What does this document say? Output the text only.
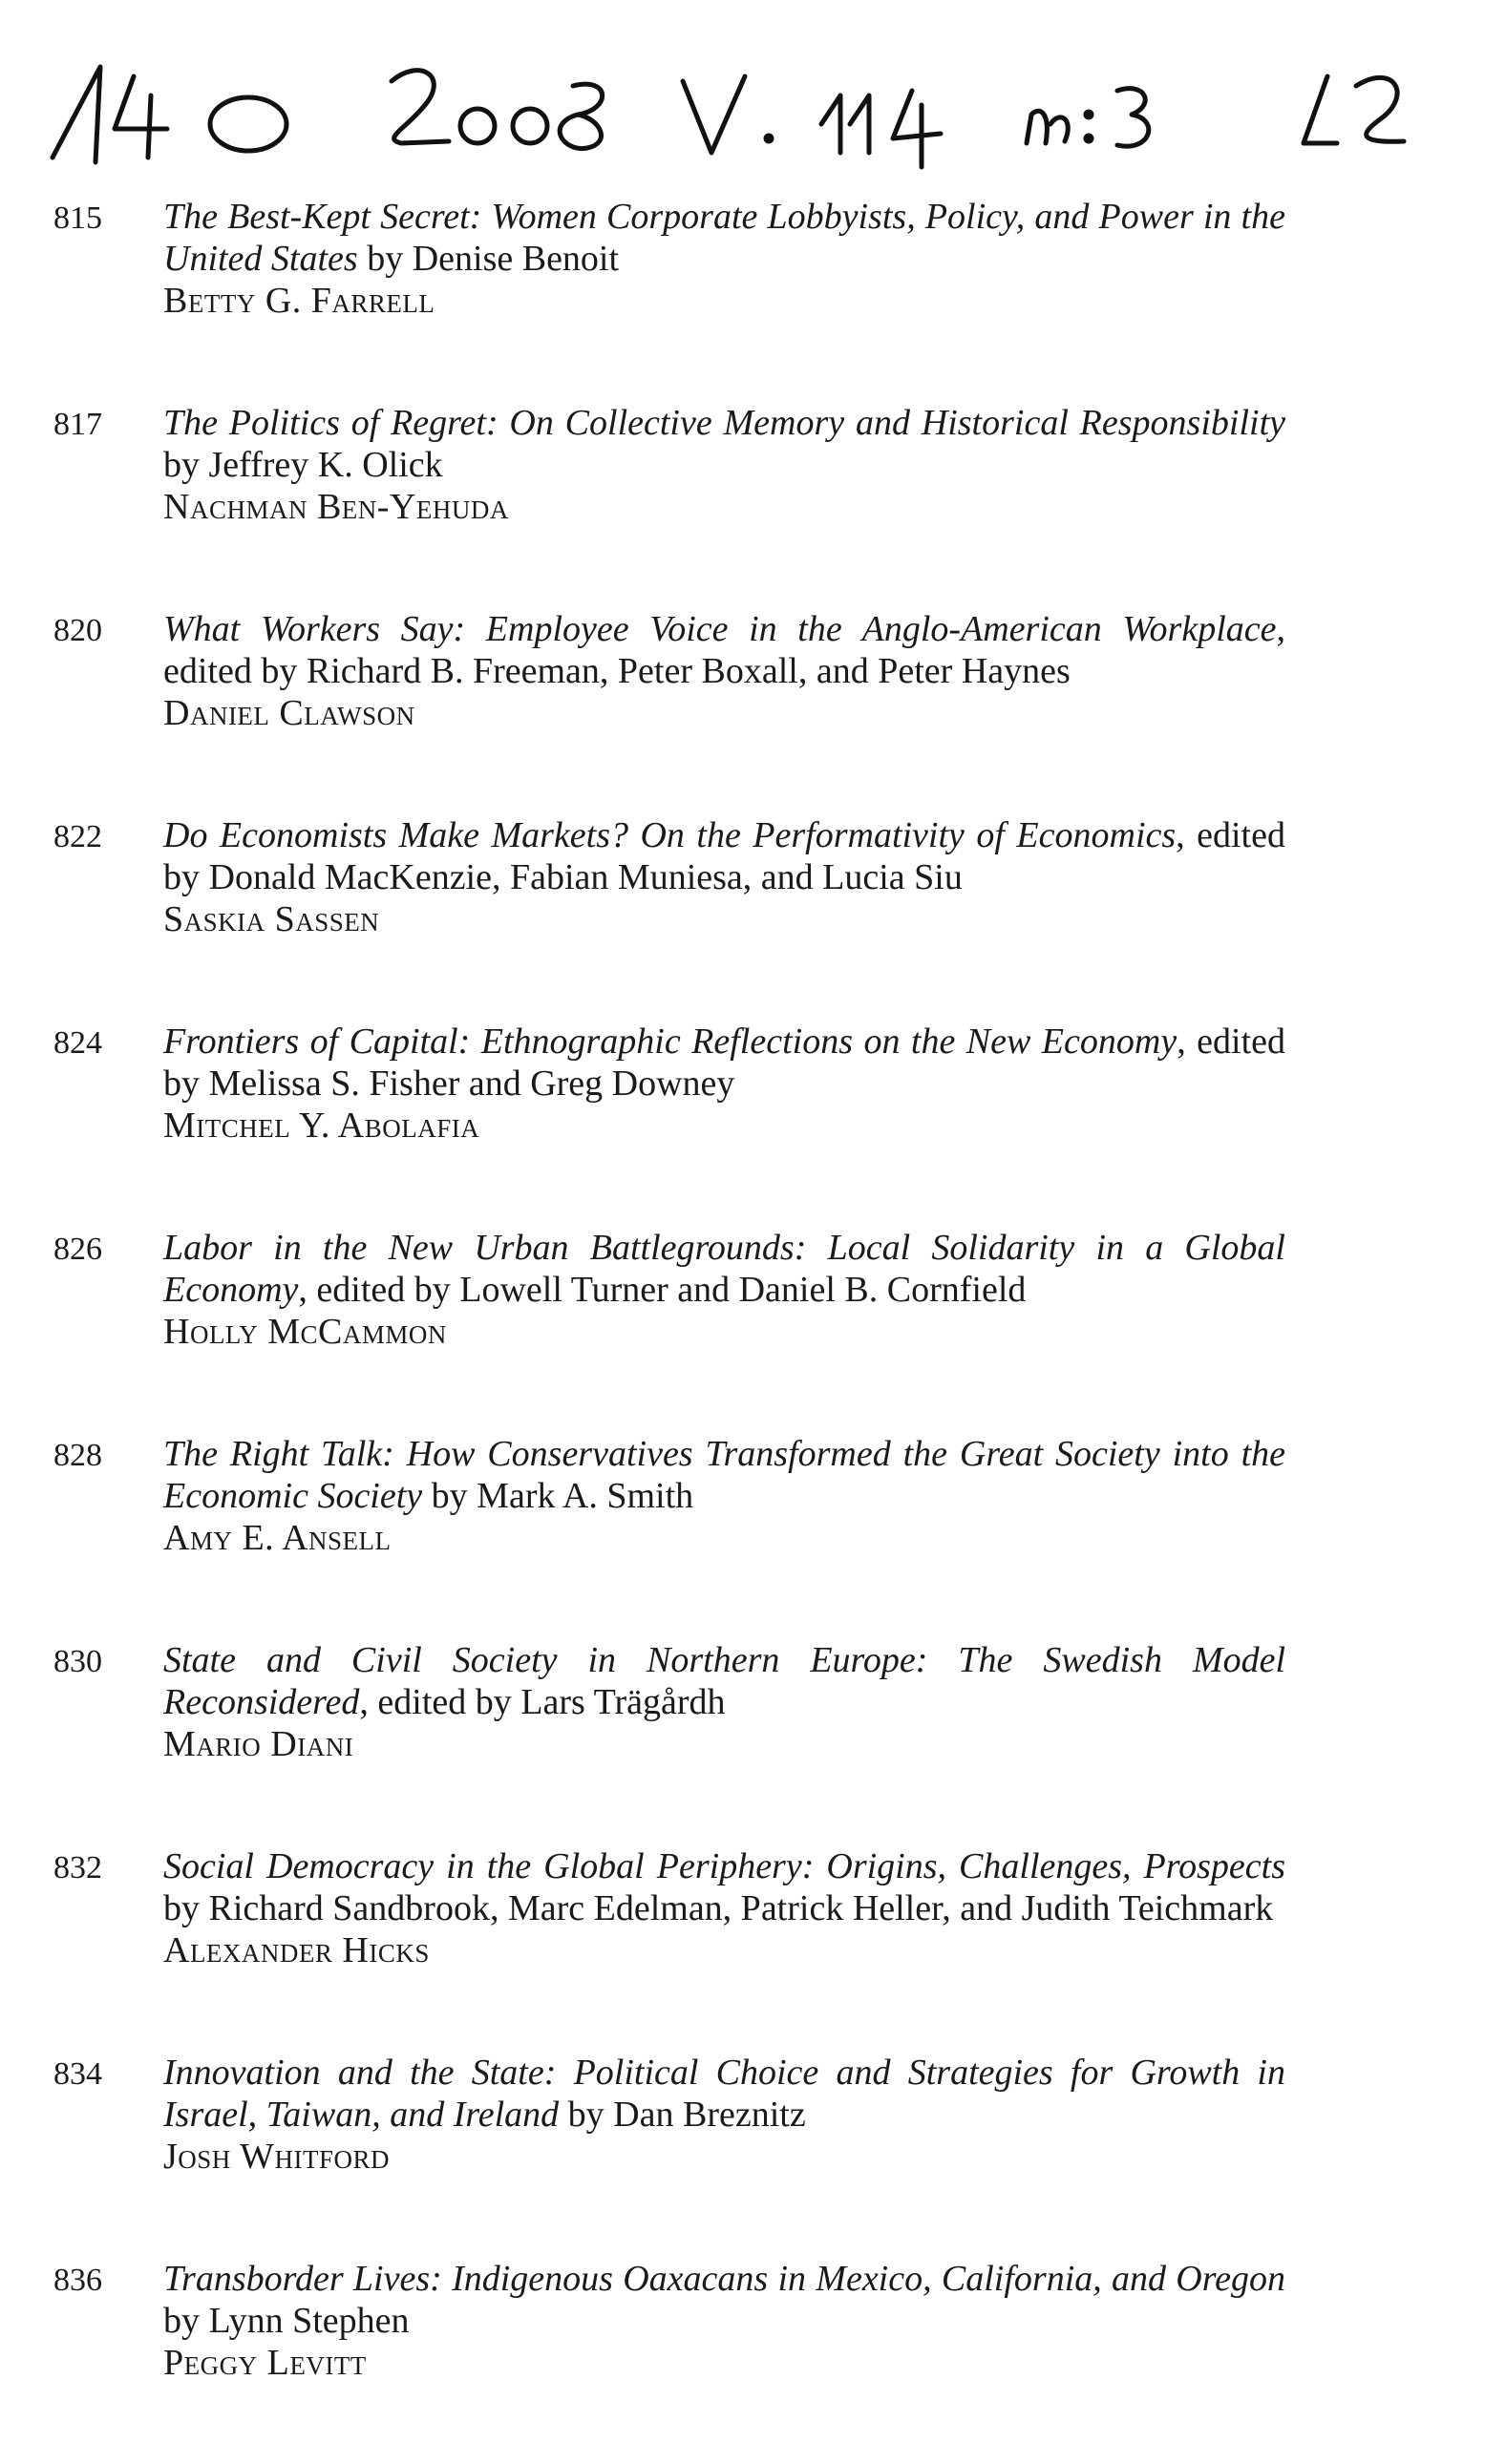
815	The Best-Kept Secret: Women Corporate Lobbyists, Policy, and Power in the United States by Denise Benoit
Betty G. Farrell
817	The Politics of Regret: On Collective Memory and Historical Responsibility by Jeffrey K. Olick
Nachman Ben-Yehuda
820	What Workers Say: Employee Voice in the Anglo-American Workplace, edited by Richard B. Freeman, Peter Boxall, and Peter Haynes
Daniel Clawson
822	Do Economists Make Markets? On the Performativity of Economics, edited by Donald MacKenzie, Fabian Muniesa, and Lucia Siu
Saskia Sassen
824	Frontiers of Capital: Ethnographic Reflections on the New Economy, edited by Melissa S. Fisher and Greg Downey
Mitchel Y. Abolafia
826	Labor in the New Urban Battlegrounds: Local Solidarity in a Global Economy, edited by Lowell Turner and Daniel B. Cornfield
Holly McCammon
828	The Right Talk: How Conservatives Transformed the Great Society into the Economic Society by Mark A. Smith
Amy E. Ansell
830	State and Civil Society in Northern Europe: The Swedish Model Reconsidered, edited by Lars Trägårdh
Mario Diani
832	Social Democracy in the Global Periphery: Origins, Challenges, Prospects by Richard Sandbrook, Marc Edelman, Patrick Heller, and Judith Teichmark
Alexander Hicks
834	Innovation and the State: Political Choice and Strategies for Growth in Israel, Taiwan, and Ireland by Dan Breznitz
Josh Whitford
836	Transborder Lives: Indigenous Oaxacans in Mexico, California, and Oregon by Lynn Stephen
Peggy Levitt
